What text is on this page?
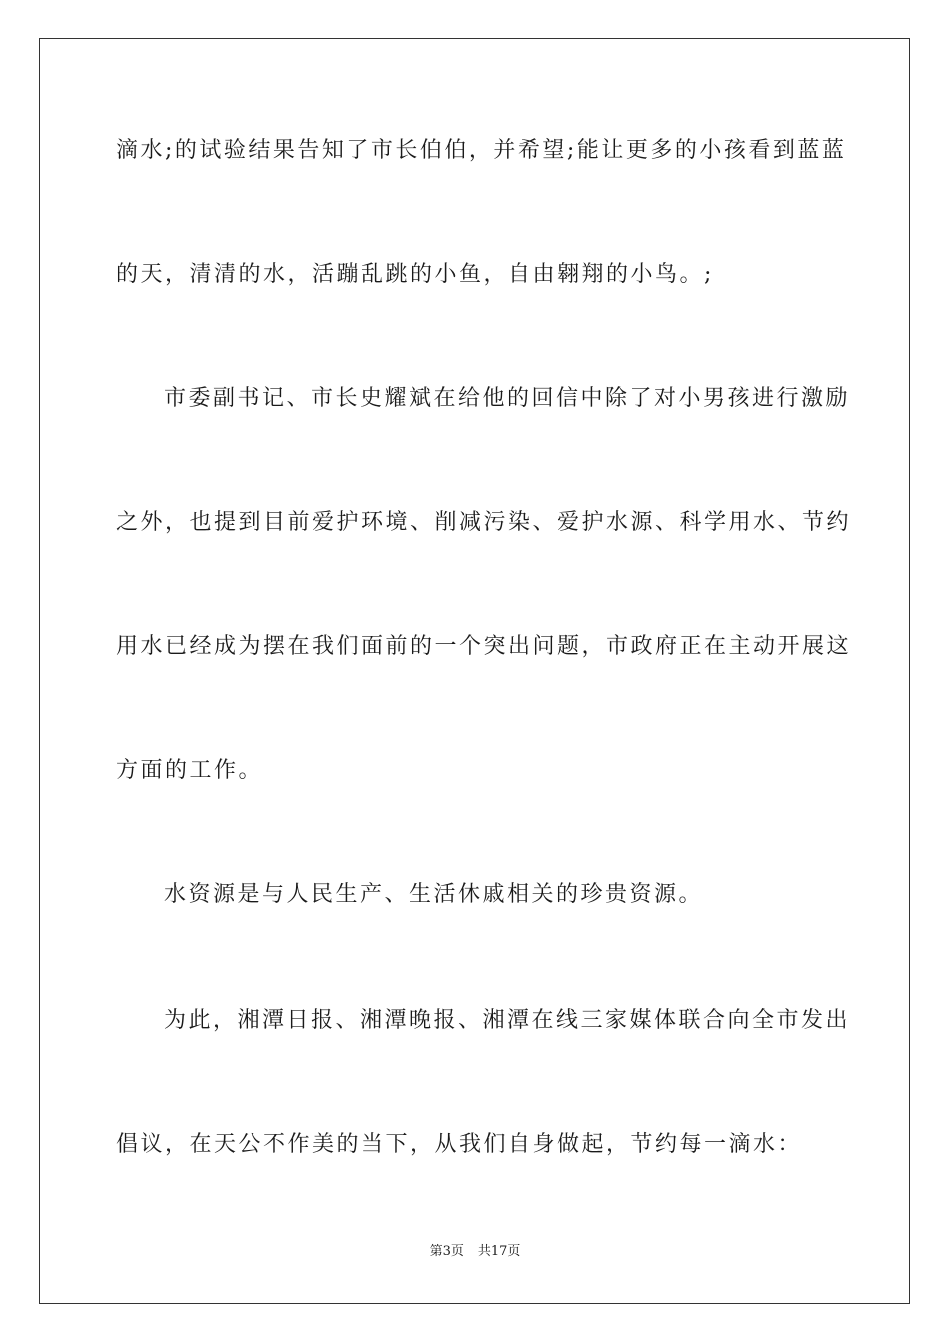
滴水;的试验结果告知了市长伯伯，并希望;能让更多的小孩看到蓝蓝
的天，清清的水，活蹦乱跳的小鱼，自由翱翔的小鸟。;
市委副书记、市长史耀斌在给他的回信中除了对小男孩进行激励
之外，也提到目前爱护环境、削减污染、爱护水源、科学用水、节约
用水已经成为摆在我们面前的一个突出问题，市政府正在主动开展这
方面的工作。
水资源是与人民生产、生活休戚相关的珍贵资源。
为此，湘潭日报、湘潭晚报、湘潭在线三家媒体联合向全市发出
倡议，在天公不作美的当下，从我们自身做起，节约每一滴水：
第3页 共17页
